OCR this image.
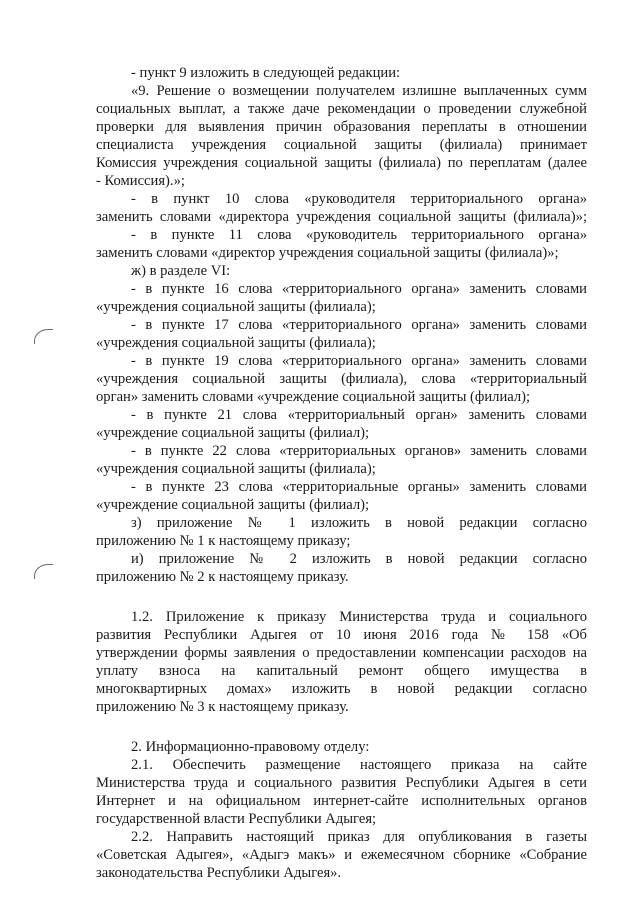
- пункт 9 изложить в следующей редакции:

«9. Решение о возмещении получателем излишне выплаченных сумм

социальных выплат, а также даче рекомендации о проведении служебной

проверки для выявления причин образования переплаты в отношении

специалиста учреждения социальной защиты (филиала) принимает

Комиссия учреждения социальной защиты (филиала) по переплатам (далее

- Комиссия).»;

- в пункт 10 слова «руководителя территориального органа»

заменить словами «директора учреждения социальной защиты (филиала)»;

- в пункте 11 слова «руководитель территориального органа»

заменить словами «директор учреждения социальной защиты (филиала)»;

ж) в разделе VI:

- в пункте 16 слова «территориального органа» заменить словами

«учреждения социальной защиты (филиала);

- в пункте 17 слова «территориального органа» заменить словами

«учреждения социальной защиты (филиала);

- в пункте 19 слова «территориального органа» заменить словами

«учреждения социальной защиты (филиала), слова «территориальный

орган» заменить словами «учреждение социальной защиты (филиал);

- в пункте 21 слова «территориальный орган» заменить словами

«учреждение социальной защиты (филиал);

- в пункте 22 слова «территориальных органов» заменить словами

«учреждения социальной защиты (филиала);

- в пункте 23 слова «территориальные органы» заменить словами

«учреждение социальной защиты (филиал);

з) приложение № 1 изложить в новой редакции согласно

приложению № 1 к настоящему приказу;

и) приложение № 2 изложить в новой редакции согласно

приложению № 2 к настоящему приказу.

1.2. Приложение к приказу Министерства труда и социального

развития Республики Адыгея от 10 июня 2016 года № 158 «Об

утверждении формы заявления о предоставлении компенсации расходов на

уплату взноса на капитальный ремонт общего имущества в

многоквартирных домах» изложить в новой редакции согласно

приложению № 3 к настоящему приказу.

2. Информационно-правовому отделу:

2.1. Обеспечить размещение настоящего приказа на сайте

Министерства труда и социального развития Республики Адыгея в сети

Интернет и на официальном интернет-сайте исполнительных органов

государственной власти Республики Адыгея;

2.2. Направить настоящий приказ для опубликования в газеты

«Советская Адыгея», «Адыгэ макъ» и ежемесячном сборнике «Собрание

законодательства Республики Адыгея».
